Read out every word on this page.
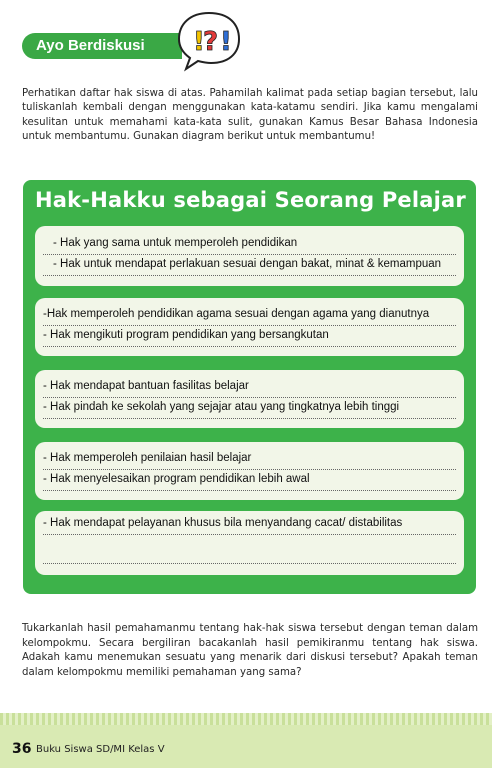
Ayo Berdiskusi	!
? !
Perhatikan daftar hak siswa di atas. Pahamilah kalimat pada setiap bagian tersebut, lalu tuliskanlah kembali dengan menggunakan kata-katamu sendiri. Jika kamu mengalami kesulitan untuk memahami kata-kata sulit, gunakan Kamus Besar Bahasa Indonesia untuk membantumu. Gunakan diagram berikut untuk membantumu!
Hak-Hakku sebagai Seorang Pelajar
- Hak yang sama untuk memperoleh pendidikan
- Hak untuk mendapat perlakuan sesuai dengan bakat, minat & kemampuan
-Hak memperoleh pendidikan agama sesuai dengan agama yang dianutnya
- Hak mengikuti program pendidikan yang bersangkutan
- Hak mendapat bantuan fasilitas belajar
- Hak pindah ke sekolah yang sejajar atau yang tingkatnya lebih tinggi
- Hak memperoleh penilaian hasil belajar
- Hak menyelesaikan program pendidikan lebih awal
- Hak mendapat pelayanan khusus bila menyandang cacat/ distabilitas
Tukarkanlah hasil pemahamanmu tentang hak-hak siswa tersebut dengan teman dalam kelompokmu. Secara bergiliran bacakanlah hasil pemikiranmu tentang hak siswa. Adakah kamu menemukan sesuatu yang menarik dari diskusi tersebut? Apakah teman dalam kelompokmu memiliki pemahaman yang sama?
36 Buku Siswa SD/MI Kelas V
